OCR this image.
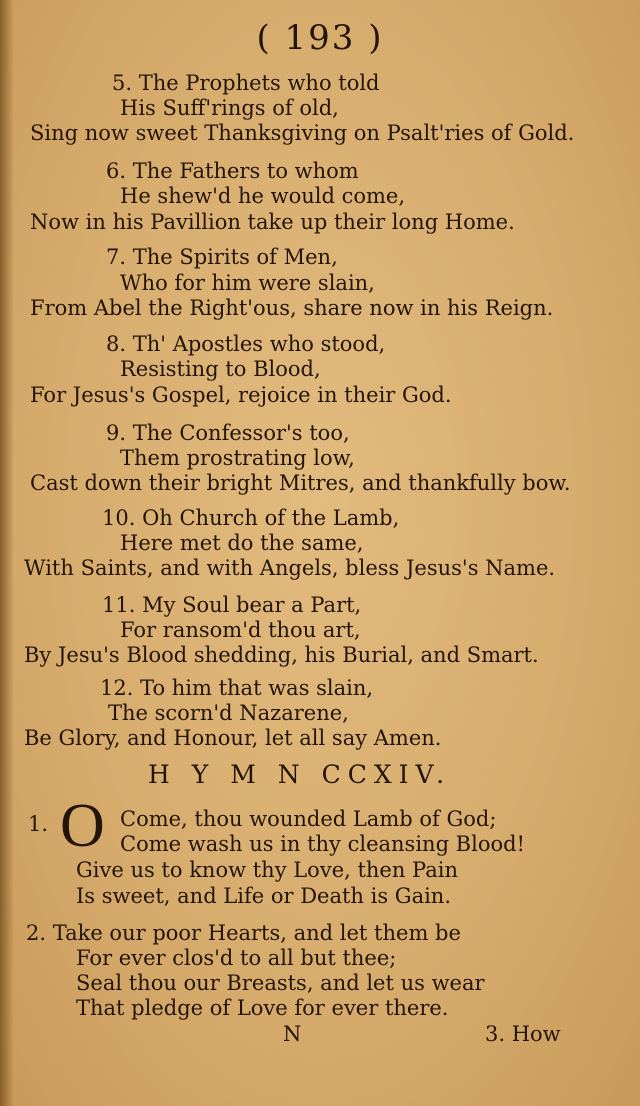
( 193 )
5. The Prophets who told
His Suff'rings of old,
Sing now sweet Thanksgiving on Psalt'ries of Gold.
6. The Fathers to whom
He shew'd he would come,
Now in his Pavillion take up their long Home.
7. The Spirits of Men,
Who for him were slain,
From Abel the Right'ous, share now in his Reign.
8. Th' Apostles who stood,
Resisting to Blood,
For Jesus's Gospel, rejoice in their God.
9. The Confessor's too,
Them prostrating low,
Cast down their bright Mitres, and thankfully bow.
10. Oh Church of the Lamb,
Here met do the same,
With Saints, and with Angels, bless Jesus's Name.
11. My Soul bear a Part,
For ransom'd thou art,
By Jesu's Blood shedding, his Burial, and Smart.
12. To him that was slain,
The scorn'd Nazarene,
Be Glory, and Honour, let all say Amen.
H Y M N CCXIV.
1. O Come, thou wounded Lamb of God;
Come wash us in thy cleansing Blood!
Give us to know thy Love, then Pain
Is sweet, and Life or Death is Gain.
2. Take our poor Hearts, and let them be
For ever clos'd to all but thee;
Seal thou our Breasts, and let us wear
That pledge of Love for ever there.
N	3. How
